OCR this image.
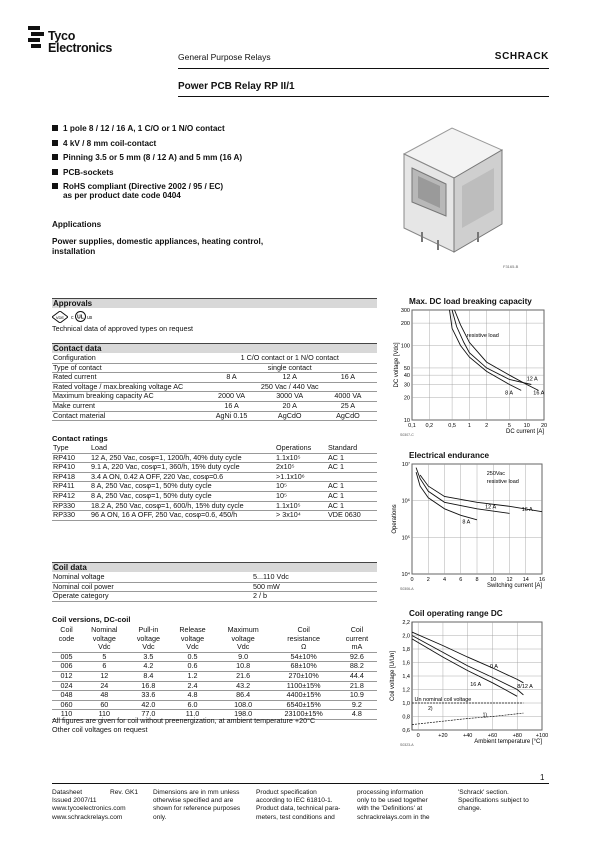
Tyco
Electronics
General Purpose Relays	SCHRACK
Power PCB Relay RP II/1
1 pole 8 / 12 / 16 A, 1 C/O or 1 N/O contact
4 kV / 8 mm coil-contact
Pinning 3.5 or 5 mm (8 / 12 A) and 5 mm (16 A)
PCB-sockets
RoHS compliant (Directive 2002 / 95 / EC)
as per product date code 0404
Applications
Power supplies, domestic appliances, heating control, installation
F3165-B
Approvals
VDE c UL us
Technical data of approved types on request
Contact data
Configuration	1 C/O contact or 1 N/O contact		
Type of contact	single contact		
Rated current	8 A	12 A	16 A
Rated voltage / max.breaking voltage AC	250 Vac / 440 Vac		
Maximum breaking capacity AC	2000 VA	3000 VA	4000 VA
Make current	16 A	20 A	25 A
Contact material	AgNi 0.15	AgCdO	AgCdO
Contact ratings
Type	Load	Operations	Standard
RP410	12 A, 250 Vac, cosφ=1, 1200/h, 40% duty cycle	1.1x10⁵	AC 1
RP410	9.1 A, 220 Vac, cosφ=1, 360/h, 15% duty cycle	2x10⁵	AC 1
RP418	3.4 A ON, 0.42 A OFF, 220 Vac, cosφ=0.6	>1.1x10⁶	
RP411	8 A, 250 Vac, cosφ=1, 50% duty cycle	10⁵	AC 1
RP412	8 A, 250 Vac, cosφ=1, 50% duty cycle	10⁵	AC 1
RP330	18.2 A, 250 Vac, cosφ=1, 600/h, 15% duty cycle	1.1x10⁵	AC 1
RP330	96 A ON, 16 A OFF, 250 Vac, cosφ=0.6, 450/h	> 3x10⁴	VDE 0630
Coil data
Nominal voltage	5...110 Vdc
Nominal coil power	500 mW
Operate category	2 / b
Coil versions, DC-coil
Coil	Nominal	Pull-in	Release	Maximum	Coil	Coil
code	voltage	voltage	voltage	voltage	resistance	current
	Vdc	Vdc	Vdc	Vdc	Ω	mA
005	5	3.5	0.5	9.0	54±10%	92.6
006	6	4.2	0.6	10.8	68±10%	88.2
012	12	8.4	1.2	21.6	270±10%	44.4
024	24	16.8	2.4	43.2	1100±15%	21.8
048	48	33.6	4.8	86.4	4400±15%	10.9
060	60	42.0	6.0	108.0	6540±15%	9.2
110	110	77.0	11.0	198.0	23100±15%	4.8
All figures are given for coil without preenergization, at ambient temperature +20°C
Other coil voltages on request
Max. DC load breaking capacity
0,1 0,2	0,5 1	2	5 10 20
10
20
30
40
50
100
200
300
DC current [A]
DC voltage [Vdc]
S0307-C
resistive load
12 A
8 A	16 A
Electrical endurance
0 2 4 6 8 10 12 14 16
10⁴
10⁵
10⁶
10⁷
Switching current [A]
Operations
S0306-A
250Vac
resistive load
12 A	16 A
8 A
Coil operating range DC
0	+20	+40	+60	+80	+100
0,6
0,8
1,0
1,2
1,4
1,6
1,8
2,0
2,2
Ambient temperature [°C]
Coil voltage [U/Un]
S0323-A
0 A
16 A	8/12 A
Un nominal coil voltage
1)
2)
1
Datasheet
Issued 2007/11
www.tycoelectronics.com
www.schrackrelays.com
Rev. GK1 Dimensions are in mm unless
otherwise specified and are
shown for reference purposes
only.
Product specification
according to IEC 61810-1.
Product data, technical para-
meters, test conditions and
processing information
only to be used together
with the 'Definitions' at
schrackrelays.com in the
'Schrack' section.
Specifications subject to
change.
